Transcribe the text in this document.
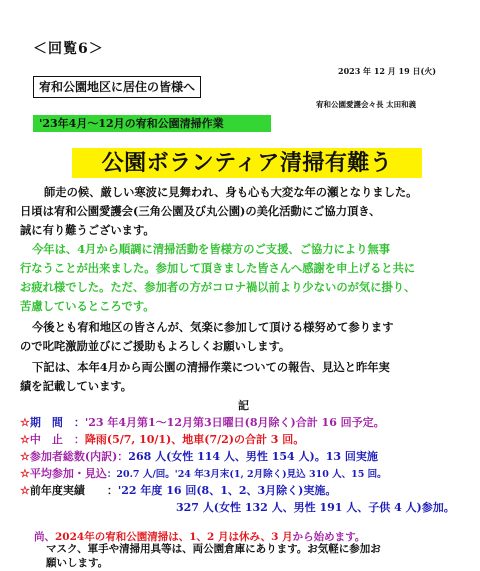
＜回覧6＞
2023 年 12 月 19 日(火)
宥和公園地区に居住の皆様へ
宥和公園愛護会々長 太田和義
'23年4月～12月の宥和公園清掃作業
公園ボランティア清掃有難う
師走の候、厳しい寒波に見舞われ、身も心も大変な年の瀬となりました。
日頃は宥和公園愛護会(三角公園及び丸公園)の美化活動にご協力頂き、
誠に有り難うございます。
今年は、4月から順調に清掃活動を皆様方のご支援、ご協力により無事
行なうことが出来ました。参加して頂きました皆さんへ感謝を申上げると共に
お疲れ様でした。ただ、参加者の方がコロナ禍以前より少ないのが気に掛り、
苦慮しているところです。
今後とも宥和地区の皆さんが、気楽に参加して頂ける様努めて参ります
ので叱咤激励並びにご援助もよろしくお願いします。
下記は、本年4月から両公園の清掃作業についての報告、見込と昨年実
績を記載しています。
記
☆期　間　：'23 年4月第1～12月第3日曜日(8月除く)合計 16 回予定。
☆中　止　：降雨(5/7, 10/1)、地車(7/2)の合計 3 回。
☆参加者総数(内訳)：268 人(女性 114 人、男性 154 人)。13 回実施
☆平均参加・見込：20.7 人/回。'24 年3月末(1, 2月除く)見込 310 人、15 回。
☆前年度実績　　：'22 年度 16 回(8、1、2、3月除く)実施。
327 人(女性 132 人、男性 191 人、子供 4 人)参加。
尚、2024年の宥和公園清掃は、1、2 月は休み、3 月から始めます。
マスク、軍手や清掃用具等は、両公園倉庫にあります。お気軽に参加お
願いします。
